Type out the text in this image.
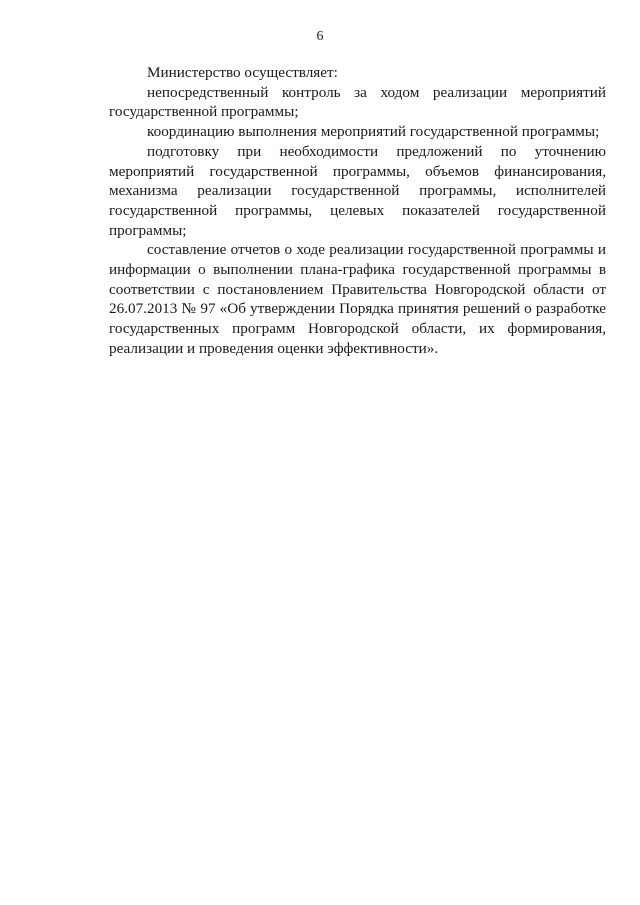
6

Министерство осуществляет:

непосредственный контроль за ходом реализации мероприятий государственной программы;

координацию выполнения мероприятий государственной программы;

подготовку при необходимости предложений по уточнению мероприятий государственной программы, объемов финансирования, механизма реализации государственной программы, исполнителей государственной программы, целевых показателей государственной программы;

составление отчетов о ходе реализации государственной программы и информации о выполнении плана-графика государственной программы в соответствии с постановлением Правительства Новгородской области от 26.07.2013 № 97 «Об утверждении Порядка принятия решений о разработке государственных программ Новгородской области, их формирования, реализации и проведения оценки эффективности».
